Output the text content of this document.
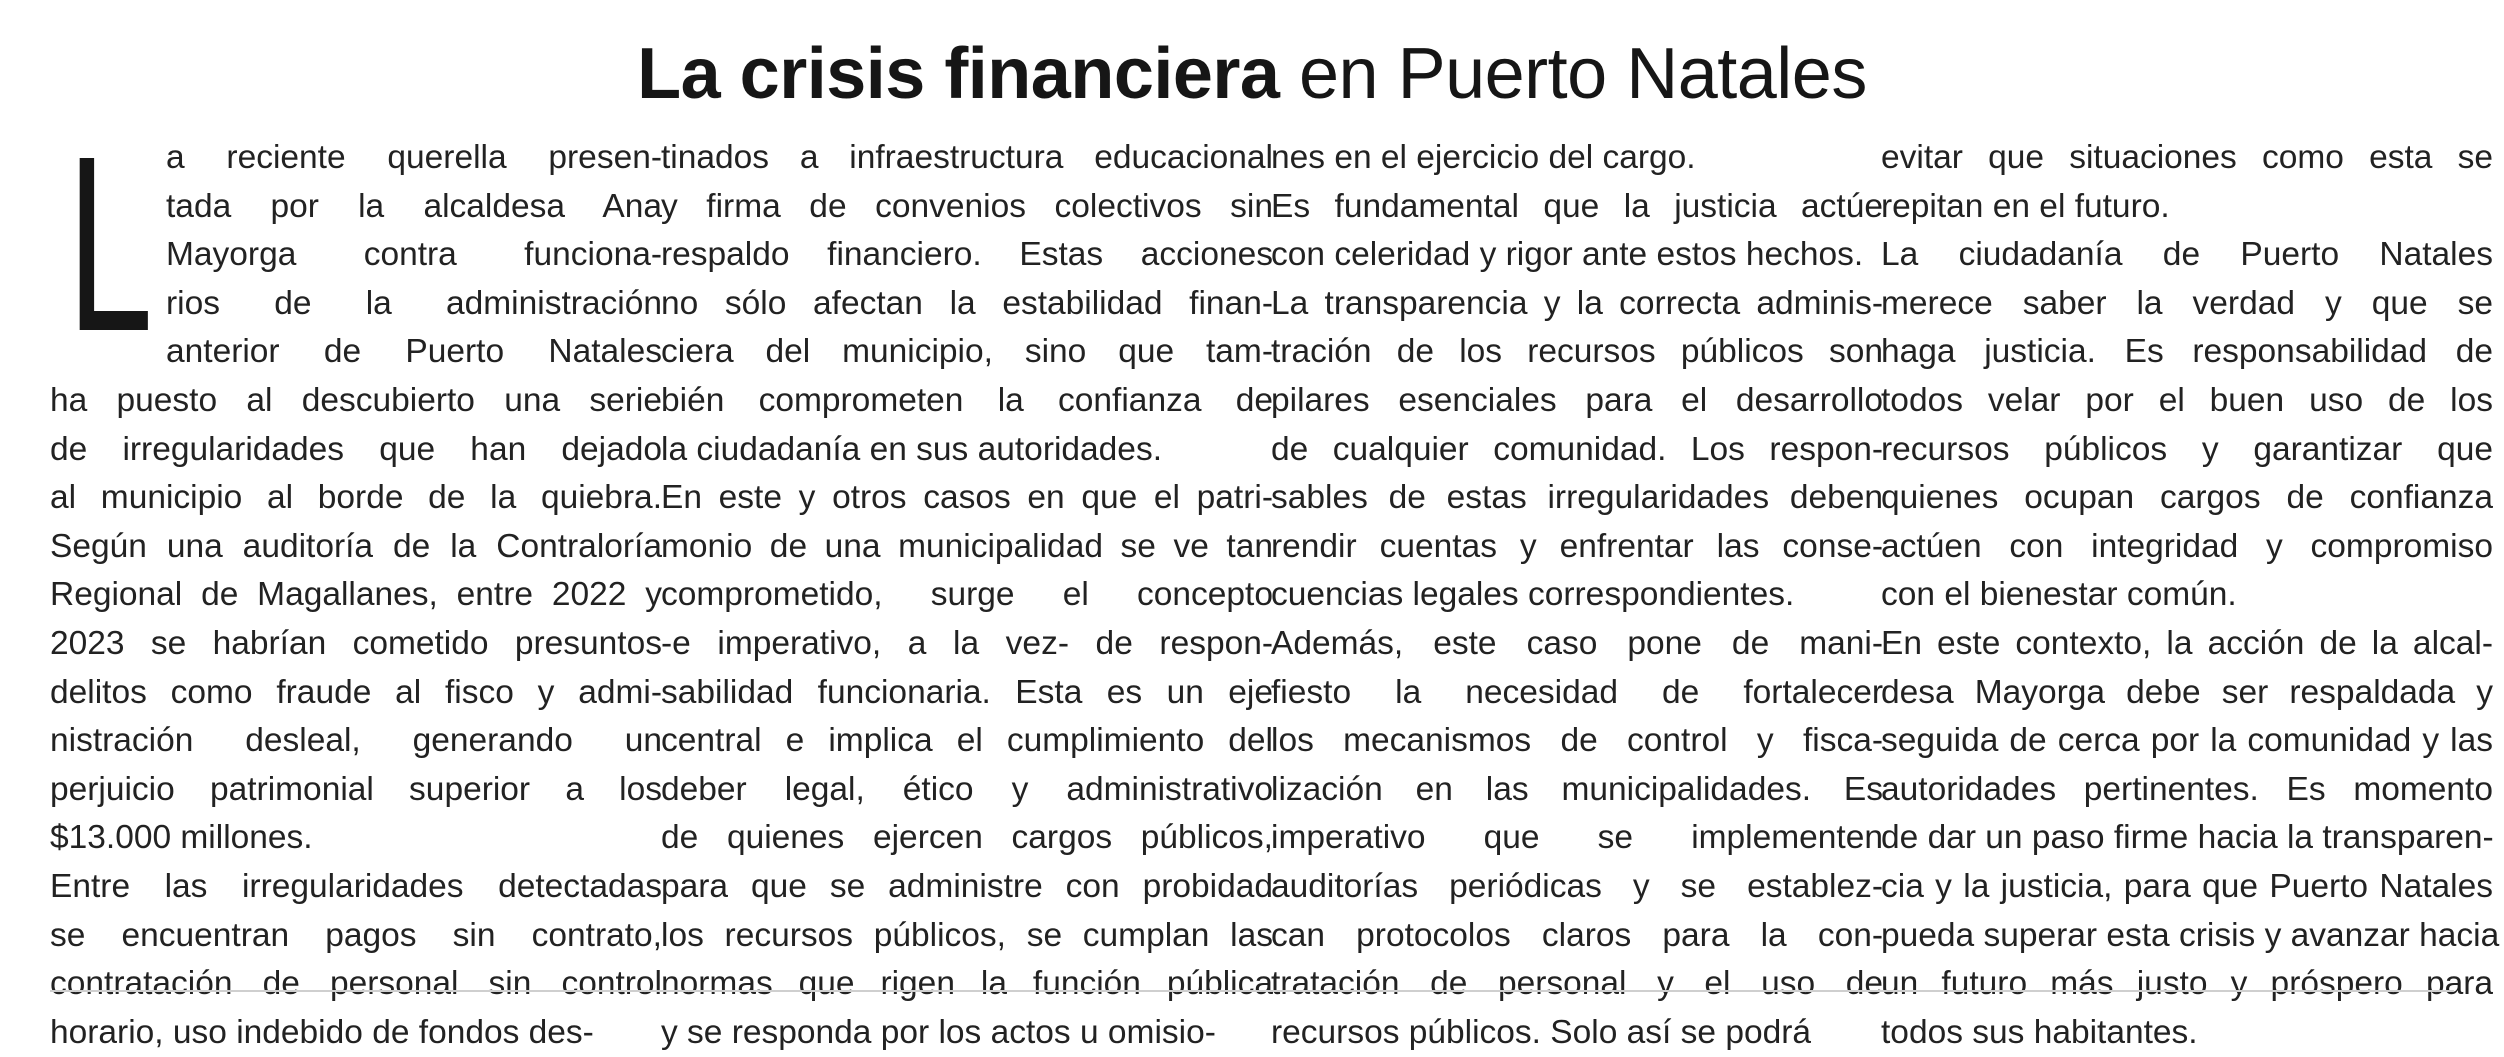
La crisis financiera en Puerto Natales
L a reciente querella presen-
tada por la alcaldesa Ana
Mayorga contra funciona-
rios de la administración
anterior de Puerto Natales
ha puesto al descubierto una serie
de irregularidades que han dejado
al municipio al borde de la quiebra.
Según una auditoría de la Contraloría
Regional de Magallanes, entre 2022 y
2023 se habrían cometido presuntos
delitos como fraude al fisco y admi-
nistración desleal, generando un
perjuicio patrimonial superior a los
$13.000 millones.
Entre las irregularidades detectadas
se encuentran pagos sin contrato,
contratación de personal sin control
horario, uso indebido de fondos des-
tinados a infraestructura educacional
y firma de convenios colectivos sin
respaldo financiero. Estas acciones
no sólo afectan la estabilidad finan-
ciera del municipio, sino que tam-
bién comprometen la confianza de
la ciudadanía en sus autoridades.
En este y otros casos en que el patri-
monio de una municipalidad se ve tan
comprometido, surge el concepto
-e imperativo, a la vez- de respon-
sabilidad funcionaria. Esta es un eje
central e implica el cumplimiento del
deber legal, ético y administrativo
de quienes ejercen cargos públicos,
para que se administre con probidad
los recursos públicos, se cumplan las
normas que rigen la función pública
y se responda por los actos u omisio-
nes en el ejercicio del cargo.
Es fundamental que la justicia actúe
con celeridad y rigor ante estos hechos.
La transparencia y la correcta adminis-
tración de los recursos públicos son
pilares esenciales para el desarrollo
de cualquier comunidad. Los respon-
sables de estas irregularidades deben
rendir cuentas y enfrentar las conse-
cuencias legales correspondientes.
Además, este caso pone de mani-
fiesto la necesidad de fortalecer
los mecanismos de control y fisca-
lización en las municipalidades. Es
imperativo que se implementen
auditorías periódicas y se establez-
can protocolos claros para la con-
tratación de personal y el uso de
recursos públicos. Solo así se podrá
evitar que situaciones como esta se
repitan en el futuro.
La ciudadanía de Puerto Natales
merece saber la verdad y que se
haga justicia. Es responsabilidad de
todos velar por el buen uso de los
recursos públicos y garantizar que
quienes ocupan cargos de confianza
actúen con integridad y compromiso
con el bienestar común.
En este contexto, la acción de la alcal-
desa Mayorga debe ser respaldada y
seguida de cerca por la comunidad y las
autoridades pertinentes. Es momento
de dar un paso firme hacia la transparen-
cia y la justicia, para que Puerto Natales
pueda superar esta crisis y avanzar hacia
un futuro más justo y próspero para
todos sus habitantes.
